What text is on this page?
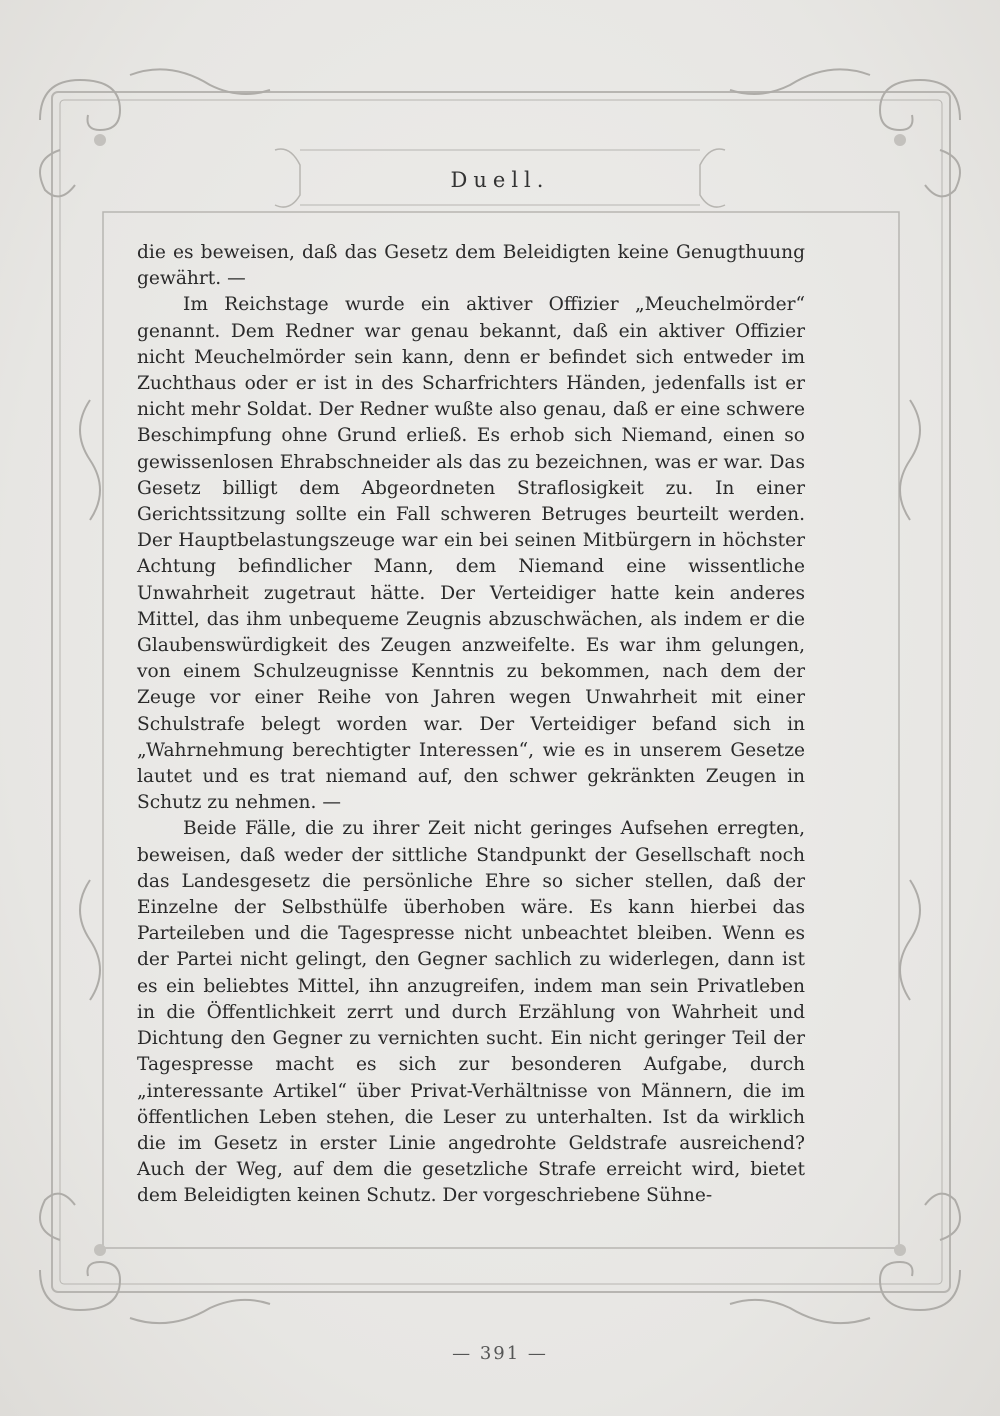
Duell.

die es beweisen, daß das Gesetz dem Beleidigten keine Genugthuung gewährt. —

Im Reichstage wurde ein aktiver Offizier „Meuchelmörder“ genannt. Dem Redner war genau bekannt, daß ein aktiver Offizier nicht Meuchelmörder sein kann, denn er befindet sich entweder im Zuchthaus oder er ist in des Scharfrichters Händen, jedenfalls ist er nicht mehr Soldat. Der Redner wußte also genau, daß er eine schwere Beschimpfung ohne Grund erließ. Es erhob sich Niemand, einen so gewissenlosen Ehrabschneider als das zu bezeichnen, was er war. Das Gesetz billigt dem Abgeordneten Straflosigkeit zu. In einer Gerichtssitzung sollte ein Fall schweren Betruges beurteilt werden. Der Hauptbelastungszeuge war ein bei seinen Mitbürgern in höchster Achtung befindlicher Mann, dem Niemand eine wissentliche Unwahrheit zugetraut hätte. Der Verteidiger hatte kein anderes Mittel, das ihm unbequeme Zeugnis abzuschwächen, als indem er die Glaubenswürdigkeit des Zeugen anzweifelte. Es war ihm gelungen, von einem Schulzeugnisse Kenntnis zu bekommen, nach dem der Zeuge vor einer Reihe von Jahren wegen Unwahrheit mit einer Schulstrafe belegt worden war. Der Verteidiger befand sich in „Wahrnehmung berechtigter Interessen“, wie es in unserem Gesetze lautet und es trat niemand auf, den schwer gekränkten Zeugen in Schutz zu nehmen. —

Beide Fälle, die zu ihrer Zeit nicht geringes Aufsehen erregten, beweisen, daß weder der sittliche Standpunkt der Gesellschaft noch das Landesgesetz die persönliche Ehre so sicher stellen, daß der Einzelne der Selbsthülfe überhoben wäre. Es kann hierbei das Parteileben und die Tagespresse nicht unbeachtet bleiben. Wenn es der Partei nicht gelingt, den Gegner sachlich zu widerlegen, dann ist es ein beliebtes Mittel, ihn anzugreifen, indem man sein Privatleben in die Öffentlichkeit zerrt und durch Erzählung von Wahrheit und Dichtung den Gegner zu vernichten sucht. Ein nicht geringer Teil der Tagespresse macht es sich zur besonderen Aufgabe, durch „interessante Artikel“ über Privat-Verhältnisse von Männern, die im öffentlichen Leben stehen, die Leser zu unterhalten. Ist da wirklich die im Gesetz in erster Linie angedrohte Geldstrafe ausreichend? Auch der Weg, auf dem die gesetzliche Strafe erreicht wird, bietet dem Beleidigten keinen Schutz. Der vorgeschriebene Sühne-

— 391 —
